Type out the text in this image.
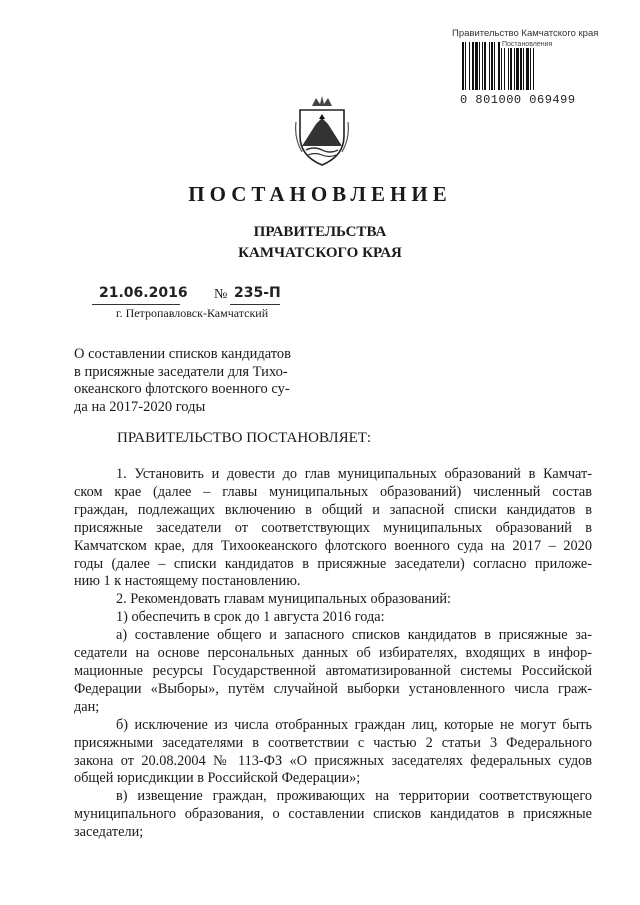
Правительство Камчатского края
Постановления
0 801000 069499
ПОСТАНОВЛЕНИЕ
ПРАВИТЕЛЬСТВА
КАМЧАТСКОГО КРАЯ
21.06.2016 № 235-П
г. Петропавловск-Камчатский
О составлении списков кандидатов
в присяжные заседатели для Тихо-
океанского флотского военного су-
да на 2017-2020 годы
ПРАВИТЕЛЬСТВО ПОСТАНОВЛЯЕТ:
1. Установить и довести до глав муниципальных образований в Камчат-
ском крае (далее – главы муниципальных образований) численный состав
граждан, подлежащих включению в общий и запасной списки кандидатов в
присяжные заседатели от соответствующих муниципальных образований в
Камчатском крае, для Тихоокеанского флотского военного суда на 2017 – 2020
годы (далее – списки кандидатов в присяжные заседатели) согласно приложе-
нию 1 к настоящему постановлению.
2. Рекомендовать главам муниципальных образований:
1) обеспечить в срок до 1 августа 2016 года:
а) составление общего и запасного списков кандидатов в присяжные за-
седатели на основе персональных данных об избирателях, входящих в инфор-
мационные ресурсы Государственной автоматизированной системы Российской
Федерации «Выборы», путём случайной выборки установленного числа граж-
дан;
б) исключение из числа отобранных граждан лиц, которые не могут быть
присяжными заседателями в соответствии с частью 2 статьи 3 Федерального
закона от 20.08.2004 № 113-ФЗ «О присяжных заседателях федеральных судов
общей юрисдикции в Российской Федерации»;
в) извещение граждан, проживающих на территории соответствующего
муниципального образования, о составлении списков кандидатов в присяжные
заседатели;
